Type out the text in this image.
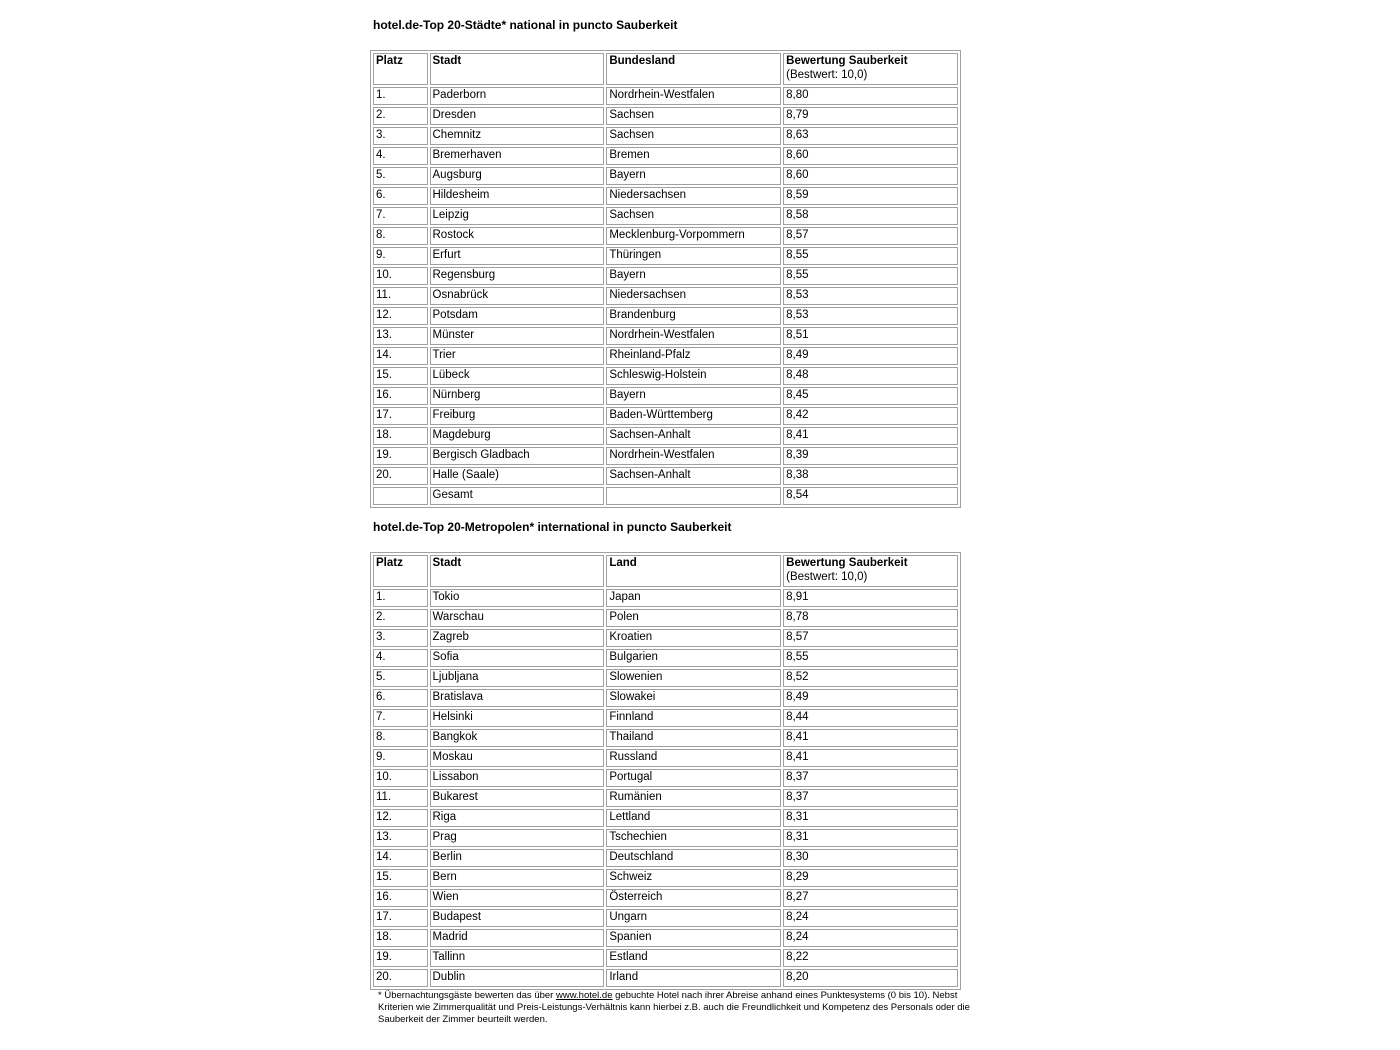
hotel.de-Top 20-Städte* national in puncto Sauberkeit

Platz	Stadt	Bundesland	Bewertung Sauberkeit
(Bestwert: 10,0)

1.	Paderborn	Nordrhein-Westfalen	8,80
2.	Dresden	Sachsen	8,79
3.	Chemnitz	Sachsen	8,63
4.	Bremerhaven	Bremen	8,60
5.	Augsburg	Bayern	8,60
6.	Hildesheim	Niedersachsen	8,59
7.	Leipzig	Sachsen	8,58
8.	Rostock	Mecklenburg-Vorpommern	8,57
9.	Erfurt	Thüringen	8,55
10.	Regensburg	Bayern	8,55
11.	Osnabrück	Niedersachsen	8,53
12.	Potsdam	Brandenburg	8,53
13.	Münster	Nordrhein-Westfalen	8,51
14.	Trier	Rheinland-Pfalz	8,49
15.	Lübeck	Schleswig-Holstein	8,48
16.	Nürnberg	Bayern	8,45
17.	Freiburg	Baden-Württemberg	8,42
18.	Magdeburg	Sachsen-Anhalt	8,41
19.	Bergisch Gladbach	Nordrhein-Westfalen	8,39
20.	Halle (Saale)	Sachsen-Anhalt	8,38
	Gesamt		8,54

hotel.de-Top 20-Metropolen* international in puncto Sauberkeit

Platz	Stadt	Land	Bewertung Sauberkeit
(Bestwert: 10,0)

1.	Tokio	Japan	8,91
2.	Warschau	Polen	8,78
3.	Zagreb	Kroatien	8,57
4.	Sofia	Bulgarien	8,55
5.	Ljubljana	Slowenien	8,52
6.	Bratislava	Slowakei	8,49
7.	Helsinki	Finnland	8,44
8.	Bangkok	Thailand	8,41
9.	Moskau	Russland	8,41
10.	Lissabon	Portugal	8,37
11.	Bukarest	Rumänien	8,37
12.	Riga	Lettland	8,31
13.	Prag	Tschechien	8,31
14.	Berlin	Deutschland	8,30
15.	Bern	Schweiz	8,29
16.	Wien	Österreich	8,27
17.	Budapest	Ungarn	8,24
18.	Madrid	Spanien	8,24
19.	Tallinn	Estland	8,22
20.	Dublin	Irland	8,20

* Übernachtungsgäste bewerten das über www.hotel.de gebuchte Hotel nach ihrer Abreise anhand eines Punktesystems (0 bis 10). Nebst Kriterien wie Zimmerqualität und Preis-Leistungs-Verhältnis kann hierbei z.B. auch die Freundlichkeit und Kompetenz des Personals oder die Sauberkeit der Zimmer beurteilt werden.
